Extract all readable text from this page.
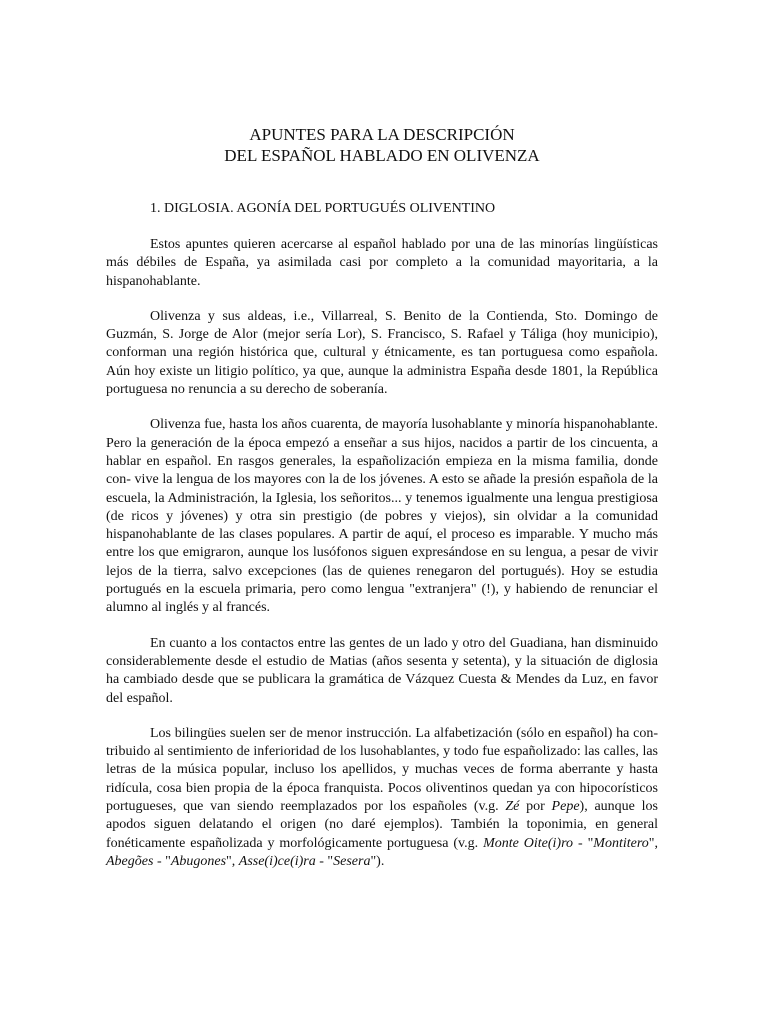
APUNTES PARA LA DESCRIPCIÓN
DEL ESPAÑOL HABLADO EN OLIVENZA

1. DIGLOSIA. AGONÍA DEL PORTUGUÉS OLIVENTINO

Estos apuntes quieren acercarse al español hablado por una de las minorías lingüísticas más débiles de España, ya asimilada casi por completo a la comunidad mayoritaria, a la hispanohablante.

Olivenza y sus aldeas, i.e., Villarreal, S. Benito de la Contienda, Sto. Domingo de Guzmán, S. Jorge de Alor (mejor sería Lor), S. Francisco, S. Rafael y Táliga (hoy municipio), conforman una región histórica que, cultural y étnicamente, es tan portuguesa como española. Aún hoy existe un litigio político, ya que, aunque la administra España desde 1801, la República portuguesa no renuncia a su derecho de soberanía.

Olivenza fue, hasta los años cuarenta, de mayoría lusohablante y minoría hispanohablante. Pero la generación de la época empezó a enseñar a sus hijos, nacidos a partir de los cincuenta, a hablar en español. En rasgos generales, la españolización empieza en la misma familia, donde con- vive la lengua de los mayores con la de los jóvenes. A esto se añade la presión española de la escuela, la Administración, la Iglesia, los señoritos... y tenemos igualmente una lengua prestigiosa (de ricos y jóvenes) y otra sin prestigio (de pobres y viejos), sin olvidar a la comunidad hispanohablante de las clases populares. A partir de aquí, el proceso es imparable. Y mucho más entre los que emigraron, aunque los lusófonos siguen expresándose en su lengua, a pesar de vivir lejos de la tierra, salvo excepciones (las de quienes renegaron del portugués). Hoy se estudia portugués en la escuela primaria, pero como lengua "extranjera" (!), y habiendo de renunciar el alumno al inglés y al francés.

En cuanto a los contactos entre las gentes de un lado y otro del Guadiana, han disminuido considerablemente desde el estudio de Matias (años sesenta y setenta), y la situación de diglosia ha cambiado desde que se publicara la gramática de Vázquez Cuesta & Mendes da Luz, en favor del español.

Los bilingües suelen ser de menor instrucción. La alfabetización (sólo en español) ha con- tribuido al sentimiento de inferioridad de los lusohablantes, y todo fue españolizado: las calles, las letras de la música popular, incluso los apellidos, y muchas veces de forma aberrante y hasta ridícula, cosa bien propia de la época franquista. Pocos oliventinos quedan ya con hipocorísticos portugueses, que van siendo reemplazados por los españoles (v.g. Zé por Pepe), aunque los apodos siguen delatando el origen (no daré ejemplos). También la toponimia, en general fonéticamente españolizada y morfológicamente portuguesa (v.g. Monte Oite(i)ro - "Montitero", Abegões - "Abugones", Asse(i)ce(i)ra - "Sesera").
